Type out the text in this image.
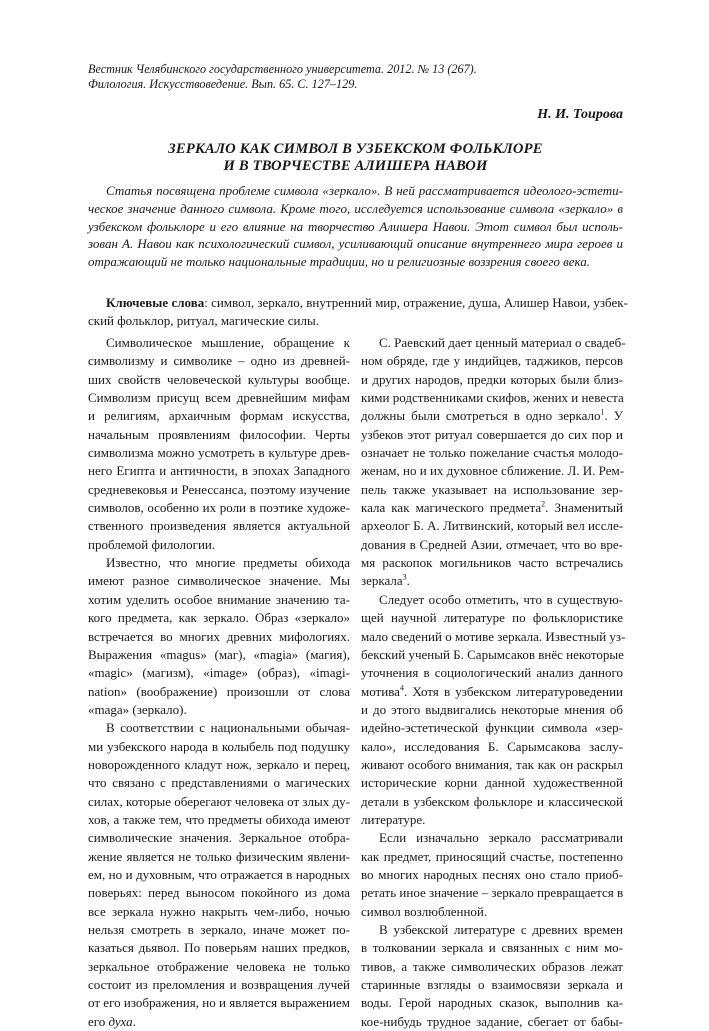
Вестник Челябинского государственного университета. 2012. № 13 (267).
Филология. Искусствоведение. Вып. 65. С. 127–129.
Н. И. Тоирова
ЗЕРКАЛО КАК СИМВОЛ В УЗБЕКСКОМ ФОЛЬКЛОРЕ
И В ТВОРЧЕСТВЕ АЛИШЕРА НАВОИ
Статья посвящена проблеме символа «зеркало». В ней рассматривается идеолого-эстети-
ческое значение данного символа. Кроме того, исследуется использование символа «зеркало» в
узбекском фольклоре и его влияние на творчество Алишера Навои. Этот символ был исполь-
зован А. Навои как психологический символ, усиливающий описание внутреннего мира героев и
отражающий не только национальные традиции, но и религиозные воззрения своего века.
Ключевые слова: символ, зеркало, внутренний мир, отражение, душа, Алишер Навои, узбек-
ский фольклор, ритуал, магические силы.
Символическое мышление, обращение к
символизму и символике – одно из древней-
ших свойств человеческой культуры вообще.
Символизм присущ всем древнейшим мифам
и религиям, архаичным формам искусства,
начальным проявлениям философии. Черты
символизма можно усмотреть в культуре древ-
него Египта и античности, в эпохах Западного
средневековья и Ренессанса, поэтому изучение
символов, особенно их роли в поэтике художе-
ственного произведения является актуальной
проблемой филологии.
Известно, что многие предметы обихода
имеют разное символическое значение. Мы
хотим уделить особое внимание значению та-
кого предмета, как зеркало. Образ «зеркало»
встречается во многих древних мифологиях.
Выражения «magus» (маг), «magia» (магия),
«magic» (магизм), «image» (образ), «imagi-
nation» (воображение) произошли от слова
«maga» (зеркало).
В соответствии с национальными обычая-
ми узбекского народа в колыбель под подушку
новорожденного кладут нож, зеркало и перец,
что связано с представлениями о магических
силах, которые оберегают человека от злых ду-
хов, а также тем, что предметы обихода имеют
символические значения. Зеркальное отобра-
жение является не только физическим явлени-
ем, но и духовным, что отражается в народных
поверьях: перед выносом покойного из дома
все зеркала нужно накрыть чем-либо, ночью
нельзя смотреть в зеркало, иначе может по-
казаться дьявол. По поверьям наших предков,
зеркальное отображение человека не только
состоит из преломления и возвращения лучей
от его изображения, но и является выражением
его духа.
С. Раевский дает ценный материал о свадеб-
ном обряде, где у индийцев, таджиков, персов
и других народов, предки которых были близ-
кими родственниками скифов, жених и невеста
должны были смотреться в одно зеркало$^1$. У
узбеков этот ритуал совершается до сих пор и
означает не только пожелание счастья молодо-
женам, но и их духовное сближение. Л. И. Рем-
пель также указывает на использование зер-
кала как магического предмета$^2$. Знаменитый
археолог Б. А. Литвинский, который вел иссле-
дования в Средней Азии, отмечает, что во вре-
мя раскопок могильников часто встречались
зеркала$^3$.
Следует особо отметить, что в существую-
щей научной литературе по фольклористике
мало сведений о мотиве зеркала. Известный уз-
бекский ученый Б. Сарымсаков внёс некоторые
уточнения в социологический анализ данного
мотива$^4$. Хотя в узбекском литературоведении
и до этого выдвигались некоторые мнения об
идейно-эстетической функции символа «зер-
кало», исследования Б. Сарымсакова заслу-
живают особого внимания, так как он раскрыл
исторические корни данной художественной
детали в узбекском фольклоре и классической
литературе.
Если изначально зеркало рассматривали
как предмет, приносящий счастье, постепенно
во многих народных песнях оно стало приоб-
ретать иное значение – зеркало превращается в
символ возлюбленной.
В узбекской литературе с древних времен
в толковании зеркала и связанных с ним мо-
тивов, а также символических образов лежат
старинные взгляды о взаимосвязи зеркала и
воды. Герой народных сказок, выполнив ка-
кое-нибудь трудное задание, сбегает от бабы-
